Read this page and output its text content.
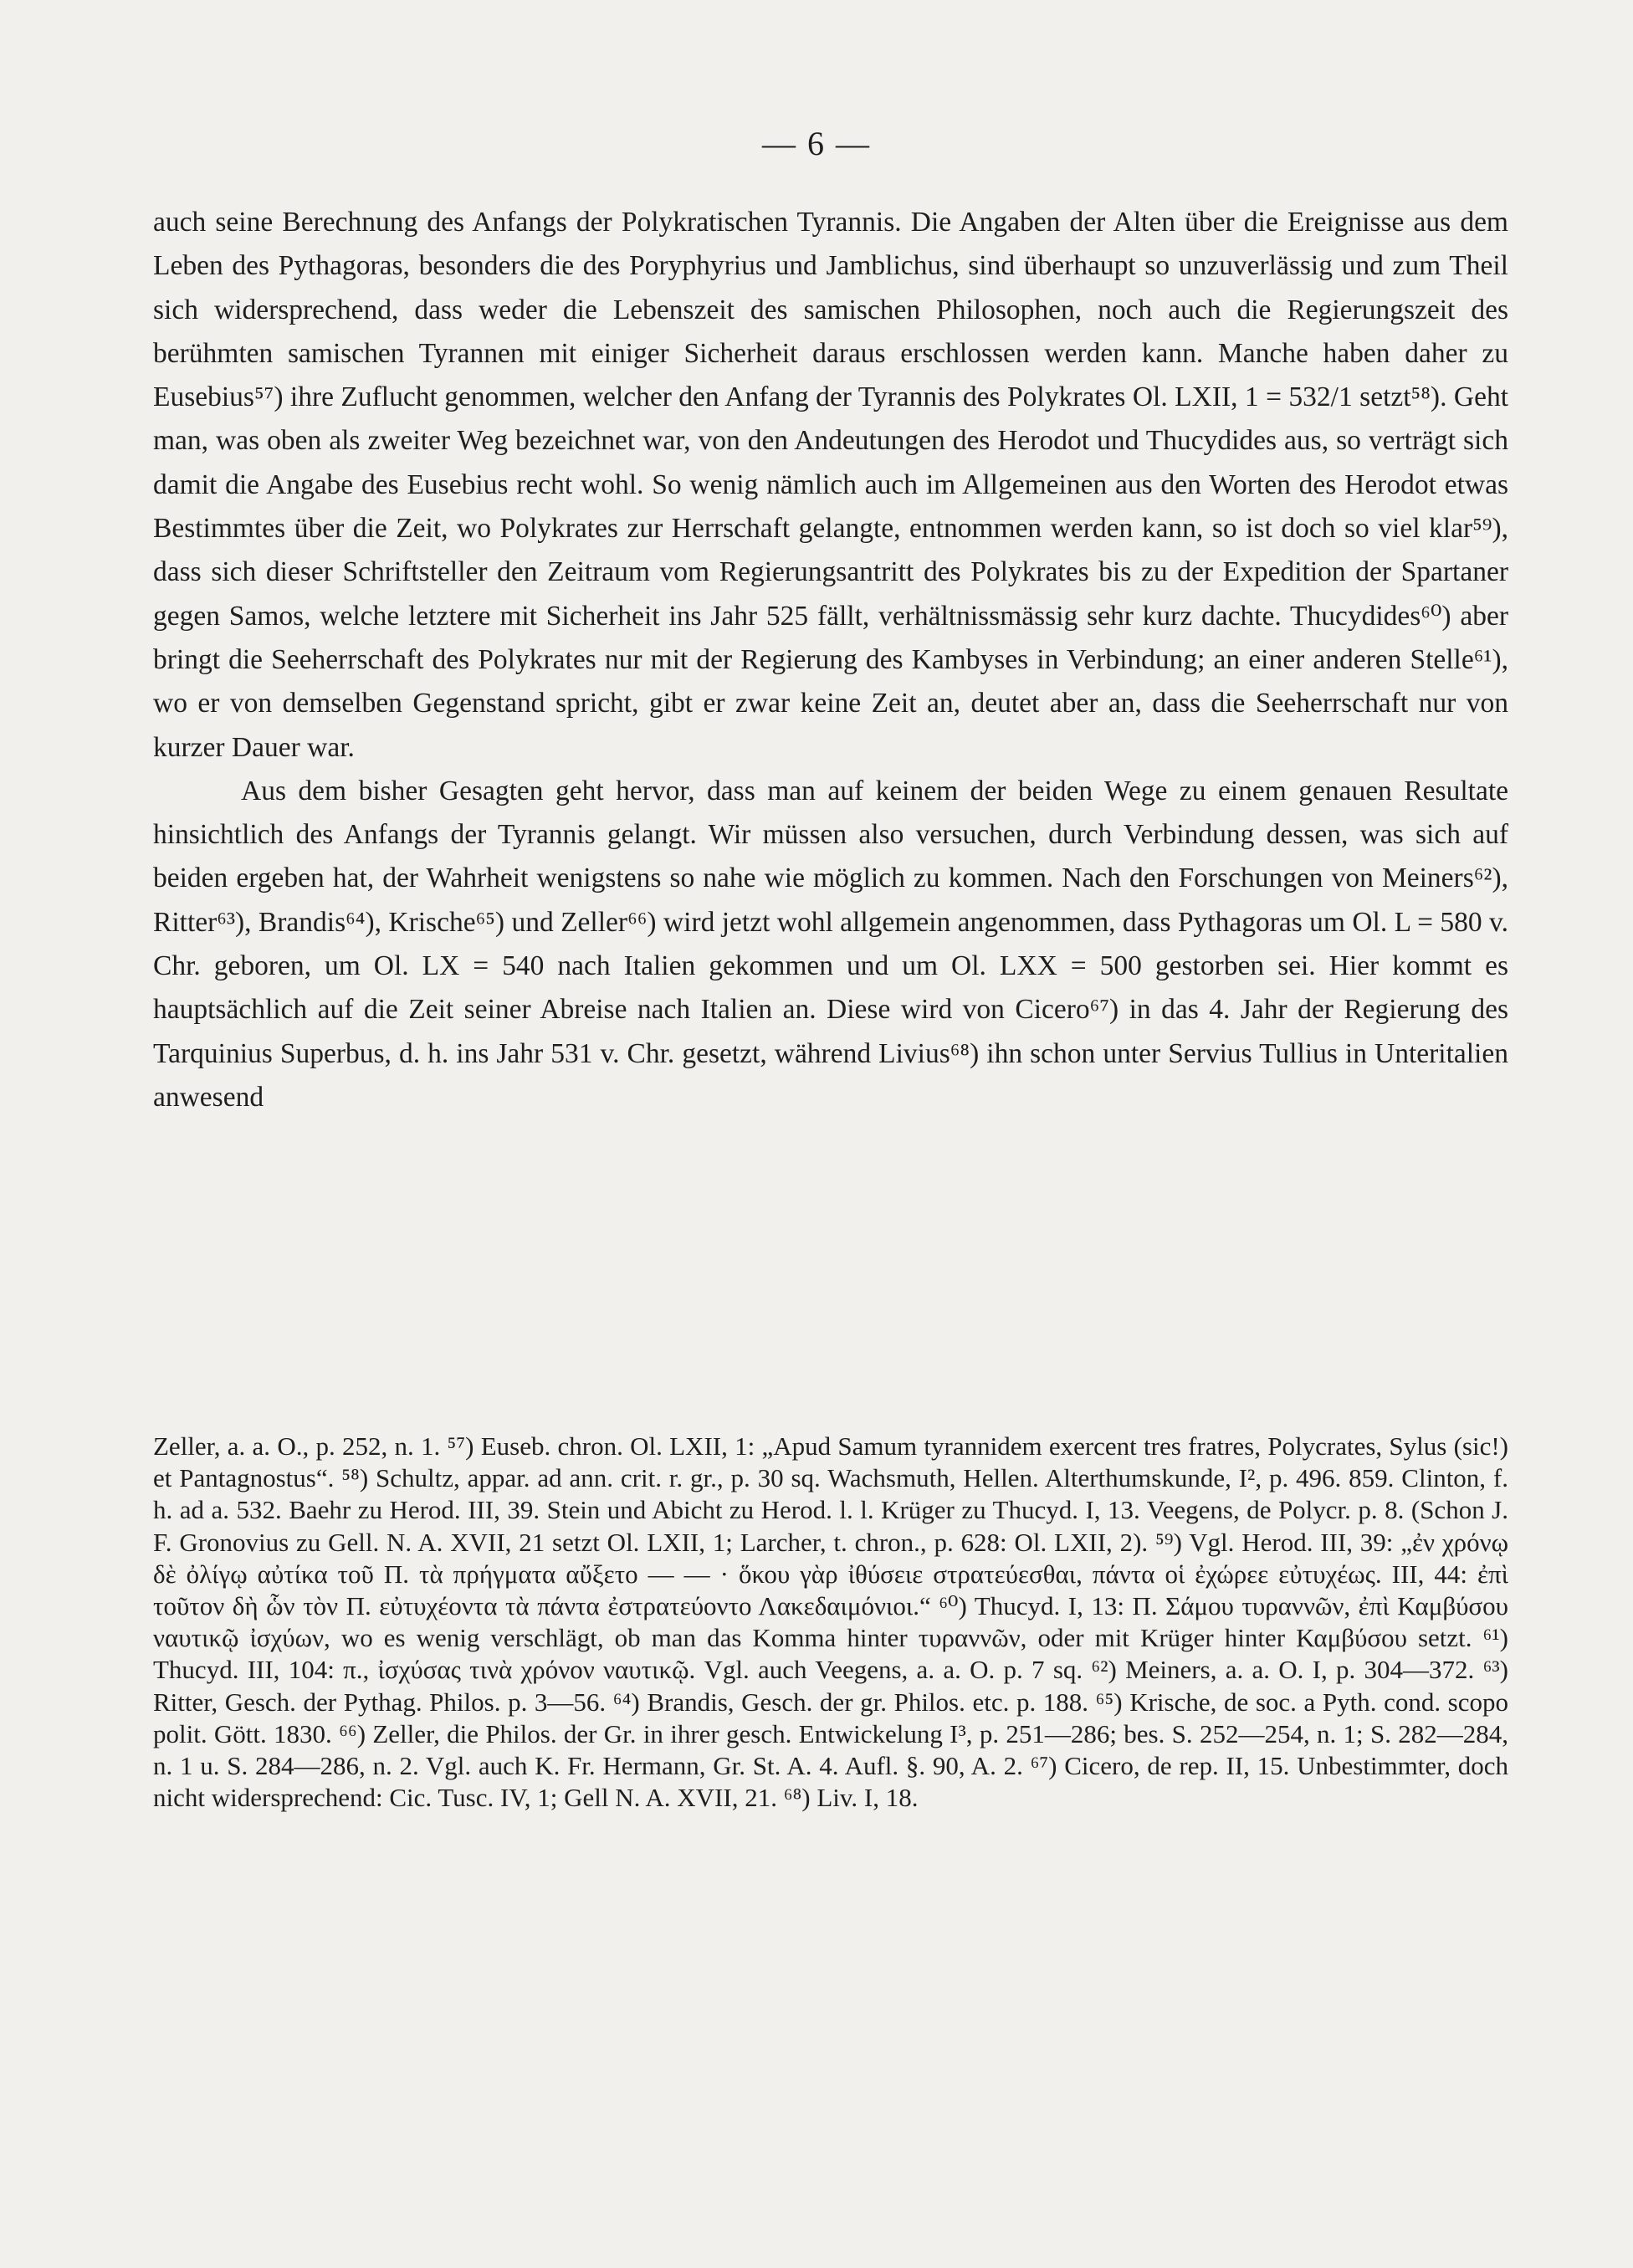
— 6 —

auch seine Berechnung des Anfangs der Polykratischen Tyrannis. Die Angaben der Alten über die Ereignisse aus dem Leben des Pythagoras, besonders die des Poryphyrius und Jamblichus, sind überhaupt so unzuverlässig und zum Theil sich widersprechend, dass weder die Lebenszeit des samischen Philosophen, noch auch die Regierungszeit des berühmten samischen Tyrannen mit einiger Sicherheit daraus erschlossen werden kann. Manche haben daher zu Eusebius⁵⁷) ihre Zuflucht genommen, welcher den Anfang der Tyrannis des Polykrates Ol. LXII, 1 = 532/1 setzt⁵⁸). Geht man, was oben als zweiter Weg bezeichnet war, von den Andeutungen des Herodot und Thucydides aus, so verträgt sich damit die Angabe des Eusebius recht wohl. So wenig nämlich auch im Allgemeinen aus den Worten des Herodot etwas Bestimmtes über die Zeit, wo Polykrates zur Herrschaft gelangte, entnommen werden kann, so ist doch so viel klar⁵⁹), dass sich dieser Schriftsteller den Zeitraum vom Regierungsantritt des Polykrates bis zu der Expedition der Spartaner gegen Samos, welche letztere mit Sicherheit ins Jahr 525 fällt, verhältnissmässig sehr kurz dachte. Thucydides⁶⁰) aber bringt die Seeherrschaft des Polykrates nur mit der Regierung des Kambyses in Verbindung; an einer anderen Stelle⁶¹), wo er von demselben Gegenstand spricht, gibt er zwar keine Zeit an, deutet aber an, dass die Seeherrschaft nur von kurzer Dauer war.

Aus dem bisher Gesagten geht hervor, dass man auf keinem der beiden Wege zu einem genauen Resultate hinsichtlich des Anfangs der Tyrannis gelangt. Wir müssen also versuchen, durch Verbindung dessen, was sich auf beiden ergeben hat, der Wahrheit wenigstens so nahe wie möglich zu kommen. Nach den Forschungen von Meiners⁶²), Ritter⁶³), Brandis⁶⁴), Krische⁶⁵) und Zeller⁶⁶) wird jetzt wohl allgemein angenommen, dass Pythagoras um Ol. L = 580 v. Chr. geboren, um Ol. LX = 540 nach Italien gekommen und um Ol. LXX = 500 gestorben sei. Hier kommt es hauptsächlich auf die Zeit seiner Abreise nach Italien an. Diese wird von Cicero⁶⁷) in das 4. Jahr der Regierung des Tarquinius Superbus, d. h. ins Jahr 531 v. Chr. gesetzt, während Livius⁶⁸) ihn schon unter Servius Tullius in Unteritalien anwesend

Zeller, a. a. O., p. 252, n. 1. ⁵⁷) Euseb. chron. Ol. LXII, 1: „Apud Samum tyrannidem exercent tres fratres, Polycrates, Sylus (sic!) et Pantagnostus“. ⁵⁸) Schultz, appar. ad ann. crit. r. gr., p. 30 sq. Wachsmuth, Hellen. Alterthumskunde, I², p. 496. 859. Clinton, f. h. ad a. 532. Baehr zu Herod. III, 39. Stein und Abicht zu Herod. l. l. Krüger zu Thucyd. I, 13. Veegens, de Polycr. p. 8. (Schon J. F. Gronovius zu Gell. N. A. XVII, 21 setzt Ol. LXII, 1; Larcher, t. chron., p. 628: Ol. LXII, 2). ⁵⁹) Vgl. Herod. III, 39: „ἐν χρόνῳ δὲ ὀλίγῳ αὐτίκα τοῦ Π. τὰ πρήγματα αὔξετο — — · ὅκου γὰρ ἰθύσειε στρατεύεσθαι, πάντα οἱ ἐχώρεε εὐτυχέως. III, 44: ἐπὶ τοῦτον δὴ ὧν τὸν Π. εὐτυχέοντα τὰ πάντα ἐστρατεύοντο Λακεδαιμόνιοι.“ ⁶⁰) Thucyd. I, 13: Π. Σάμου τυραννῶν, ἐπὶ Καμβύσου ναυτικῷ ἰσχύων, wo es wenig verschlägt, ob man das Komma hinter τυραννῶν, oder mit Krüger hinter Καμβύσου setzt. ⁶¹) Thucyd. III, 104: π., ἰσχύσας τινὰ χρόνον ναυτικῷ. Vgl. auch Veegens, a. a. O. p. 7 sq. ⁶²) Meiners, a. a. O. I, p. 304—372. ⁶³) Ritter, Gesch. der Pythag. Philos. p. 3—56. ⁶⁴) Brandis, Gesch. der gr. Philos. etc. p. 188. ⁶⁵) Krische, de soc. a Pyth. cond. scopo polit. Gött. 1830. ⁶⁶) Zeller, die Philos. der Gr. in ihrer gesch. Entwickelung I³, p. 251—286; bes. S. 252—254, n. 1; S. 282—284, n. 1 u. S. 284—286, n. 2. Vgl. auch K. Fr. Hermann, Gr. St. A. 4. Aufl. §. 90, A. 2. ⁶⁷) Cicero, de rep. II, 15. Unbestimmter, doch nicht widersprechend: Cic. Tusc. IV, 1; Gell N. A. XVII, 21. ⁶⁸) Liv. I, 18.
